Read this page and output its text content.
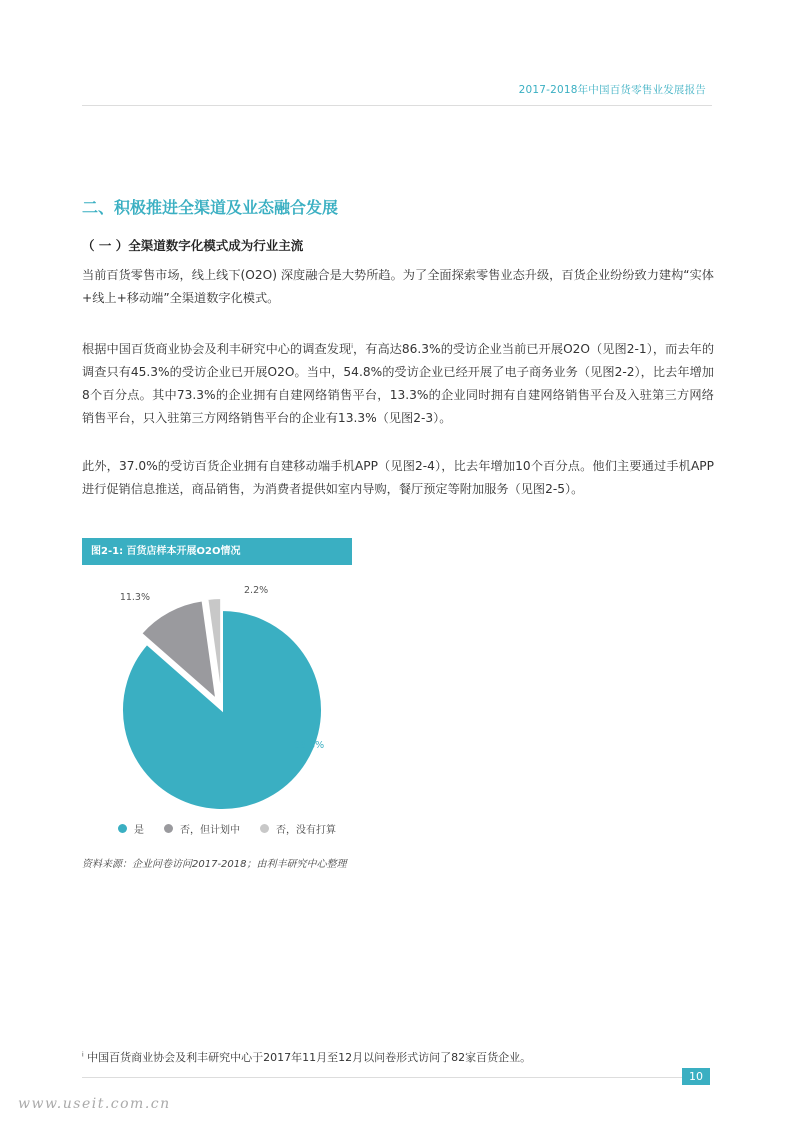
2017-2018年中国百货零售业发展报告
二、积极推进全渠道及业态融合发展
（ 一 ）全渠道数字化模式成为行业主流
当前百货零售市场，线上线下(O2O) 深度融合是大势所趋。为了全面探索零售业态升级，百货企业纷纷致力建构“实体+线上+移动端”全渠道数字化模式。
根据中国百货商业协会及利丰研究中心的调查发现$^i$，有高达86.3%的受访企业当前已开展O2O（见图2-1），而去年的调查只有45.3%的受访企业已开展O2O。当中，54.8%的受访企业已经开展了电子商务业务（见图2-2），比去年增加8个百分点。其中73.3%的企业拥有自建网络销售平台，13.3%的企业同时拥有自建网络销售平台及入驻第三方网络销售平台，只入驻第三方网络销售平台的企业有13.3%（见图2-3）。
此外，37.0%的受访百货企业拥有自建移动端手机APP（见图2-4），比去年增加10个百分点。他们主要通过手机APP进行促销信息推送，商品销售，为消费者提供如室内导购，餐厅预定等附加服务（见图2-5）。
图2-1: 百货店样本开展O2O情况
86.3%
11.3%
2.2%
是	否，但计划中	否，没有打算
资料来源：企业问卷访问2017-2018；由利丰研究中心整理
$^i$ 中国百货商业协会及利丰研究中心于2017年11月至12月以问卷形式访问了82家百货企业。
10
www.useit.com.cn
